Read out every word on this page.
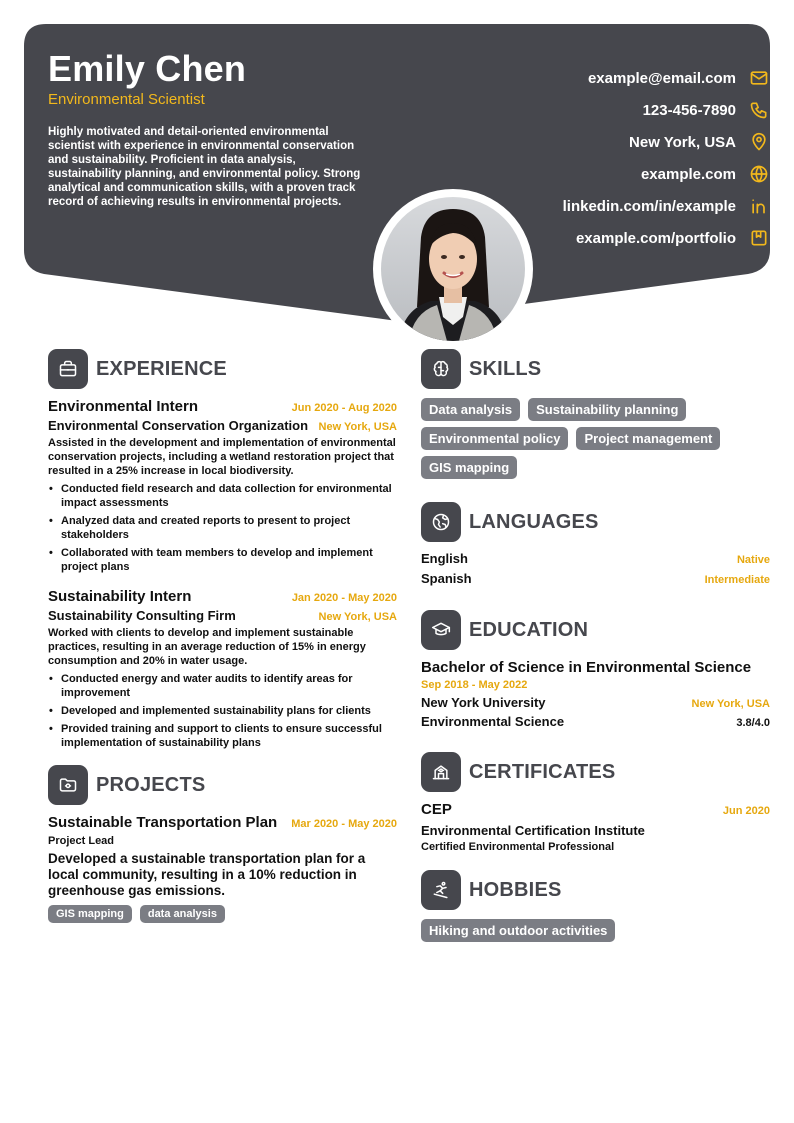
Emily Chen
Environmental Scientist
Highly motivated and detail-oriented environmental scientist with experience in environmental conservation and sustainability. Proficient in data analysis, sustainability planning, and environmental policy. Strong analytical and communication skills, with a proven track record of achieving results in environmental projects.
example@email.com
123-456-7890
New York, USA
example.com
linkedin.com/in/example
example.com/portfolio
EXPERIENCE
Environmental Intern	Jun 2020 - Aug 2020
Environmental Conservation Organization New York, USA
Assisted in the development and implementation of environmental conservation projects, including a wetland restoration project that resulted in a 25% increase in local biodiversity.
• Conducted field research and data collection for environmental impact assessments
• Analyzed data and created reports to present to project stakeholders
• Collaborated with team members to develop and implement project plans
Sustainability Intern	Jan 2020 - May 2020
Sustainability Consulting Firm	New York, USA
Worked with clients to develop and implement sustainable practices, resulting in an average reduction of 15% in energy consumption and 20% in water usage.
• Conducted energy and water audits to identify areas for improvement
• Developed and implemented sustainability plans for clients
• Provided training and support to clients to ensure successful implementation of sustainability plans
PROJECTS
Sustainable Transportation Plan Mar 2020 - May 2020
Project Lead
Developed a sustainable transportation plan for a local community, resulting in a 10% reduction in greenhouse gas emissions.
GIS mapping	data analysis
SKILLS
Data analysis	Sustainability planning
Environmental policy	Project management
GIS mapping
LANGUAGES
English	Native
Spanish	Intermediate
EDUCATION
Bachelor of Science in Environmental Science
Sep 2018 - May 2022
New York University	New York, USA
Environmental Science	3.8/4.0
CERTIFICATES
CEP	Jun 2020
Environmental Certification Institute
Certified Environmental Professional
HOBBIES
Hiking and outdoor activities
